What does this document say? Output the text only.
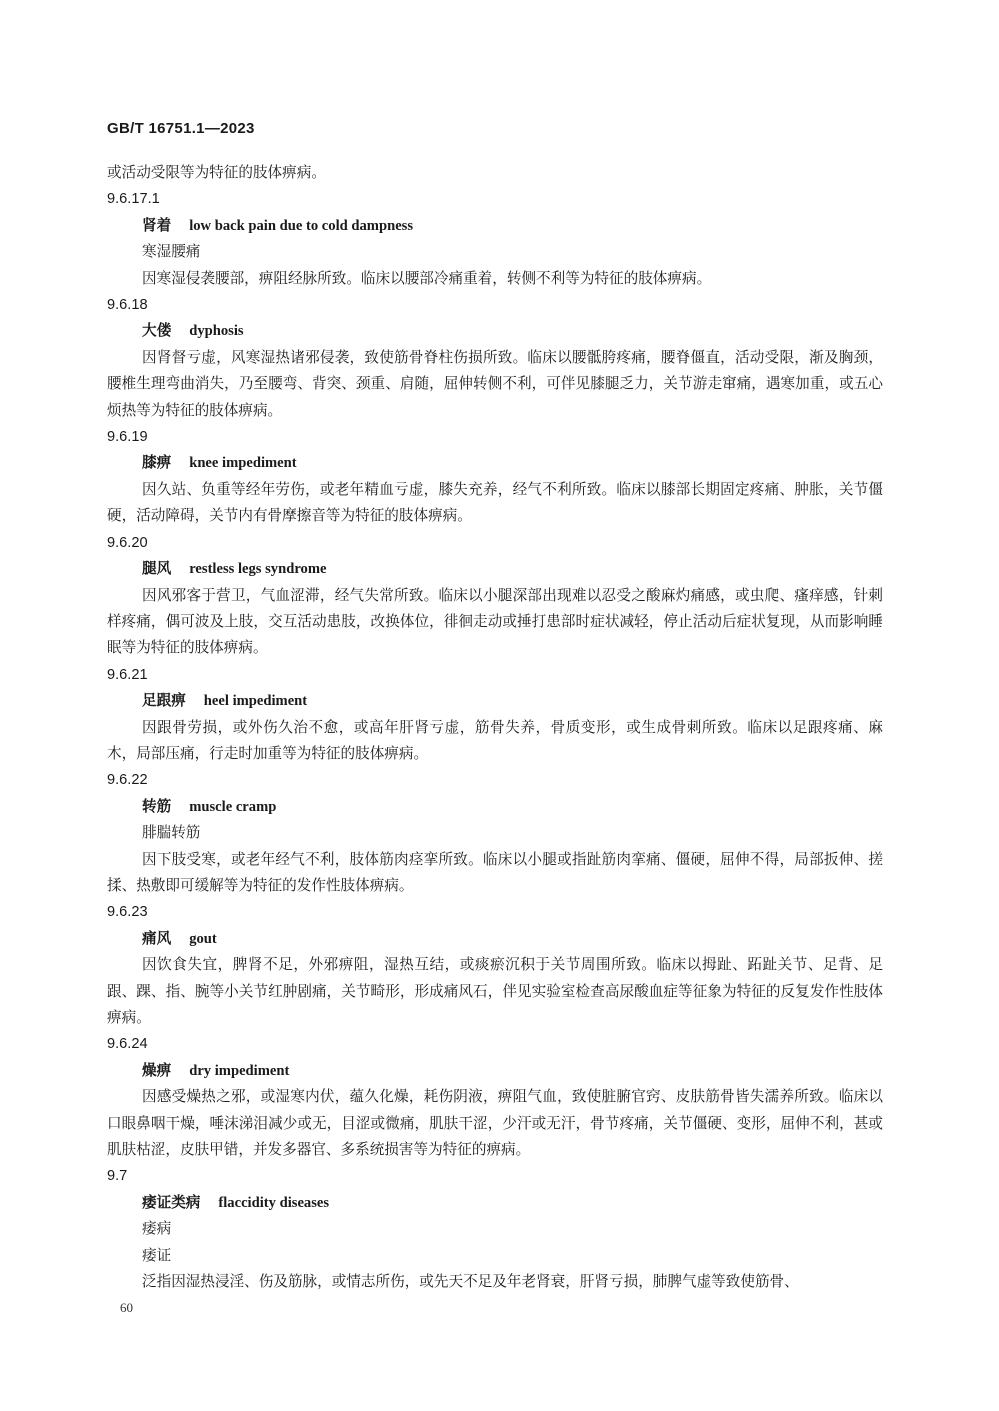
GB/T 16751.1—2023
或活动受限等为特征的肢体痹病。
9.6.17.1
肾着 low back pain due to cold dampness
寒湿腰痛
因寒湿侵袭腰部，痹阻经脉所致。临床以腰部冷痛重着，转侧不利等为特征的肢体痹病。
9.6.18
大偻 dyphosis
因肾督亏虚，风寒湿热诸邪侵袭，致使筋骨脊柱伤损所致。临床以腰骶胯疼痛，腰脊僵直，活动受限，渐及胸颈，腰椎生理弯曲消失，乃至腰弯、背突、颈重、肩随，屈伸转侧不利，可伴见膝腿乏力，关节游走窜痛，遇寒加重，或五心烦热等为特征的肢体痹病。
9.6.19
膝痹 knee impediment
因久站、负重等经年劳伤，或老年精血亏虚，膝失充养，经气不利所致。临床以膝部长期固定疼痛、肿胀，关节僵硬，活动障碍，关节内有骨摩擦音等为特征的肢体痹病。
9.6.20
腿风 restless legs syndrome
因风邪客于营卫，气血涩滞，经气失常所致。临床以小腿深部出现难以忍受之酸麻灼痛感，或虫爬、瘙痒感，针刺样疼痛，偶可波及上肢，交互活动患肢，改换体位，徘徊走动或捶打患部时症状减轻，停止活动后症状复现，从而影响睡眠等为特征的肢体痹病。
9.6.21
足跟痹 heel impediment
因跟骨劳损，或外伤久治不愈，或高年肝肾亏虚，筋骨失养，骨质变形，或生成骨刺所致。临床以足跟疼痛、麻木，局部压痛，行走时加重等为特征的肢体痹病。
9.6.22
转筋 muscle cramp
腓腨转筋
因下肢受寒，或老年经气不利，肢体筋肉痉挛所致。临床以小腿或指趾筋肉挛痛、僵硬，屈伸不得，局部扳伸、搓揉、热敷即可缓解等为特征的发作性肢体痹病。
9.6.23
痛风 gout
因饮食失宜，脾肾不足，外邪痹阻，湿热互结，或痰瘀沉积于关节周围所致。临床以拇趾、跖趾关节、足背、足跟、踝、指、腕等小关节红肿剧痛，关节畸形，形成痛风石，伴见实验室检查高尿酸血症等征象为特征的反复发作性肢体痹病。
9.6.24
燥痹 dry impediment
因感受燥热之邪，或湿寒内伏，蕴久化燥，耗伤阴液，痹阻气血，致使脏腑官窍、皮肤筋骨皆失濡养所致。临床以口眼鼻咽干燥，唾沫涕泪减少或无，目涩或微痛，肌肤干涩，少汗或无汗，骨节疼痛，关节僵硬、变形，屈伸不利，甚或肌肤枯涩，皮肤甲错，并发多器官、多系统损害等为特征的痹病。
9.7
痿证类病 flaccidity diseases
痿病
痿证
泛指因湿热浸淫、伤及筋脉，或情志所伤，或先天不足及年老肾衰，肝肾亏损，肺脾气虚等致使筋骨、
60
